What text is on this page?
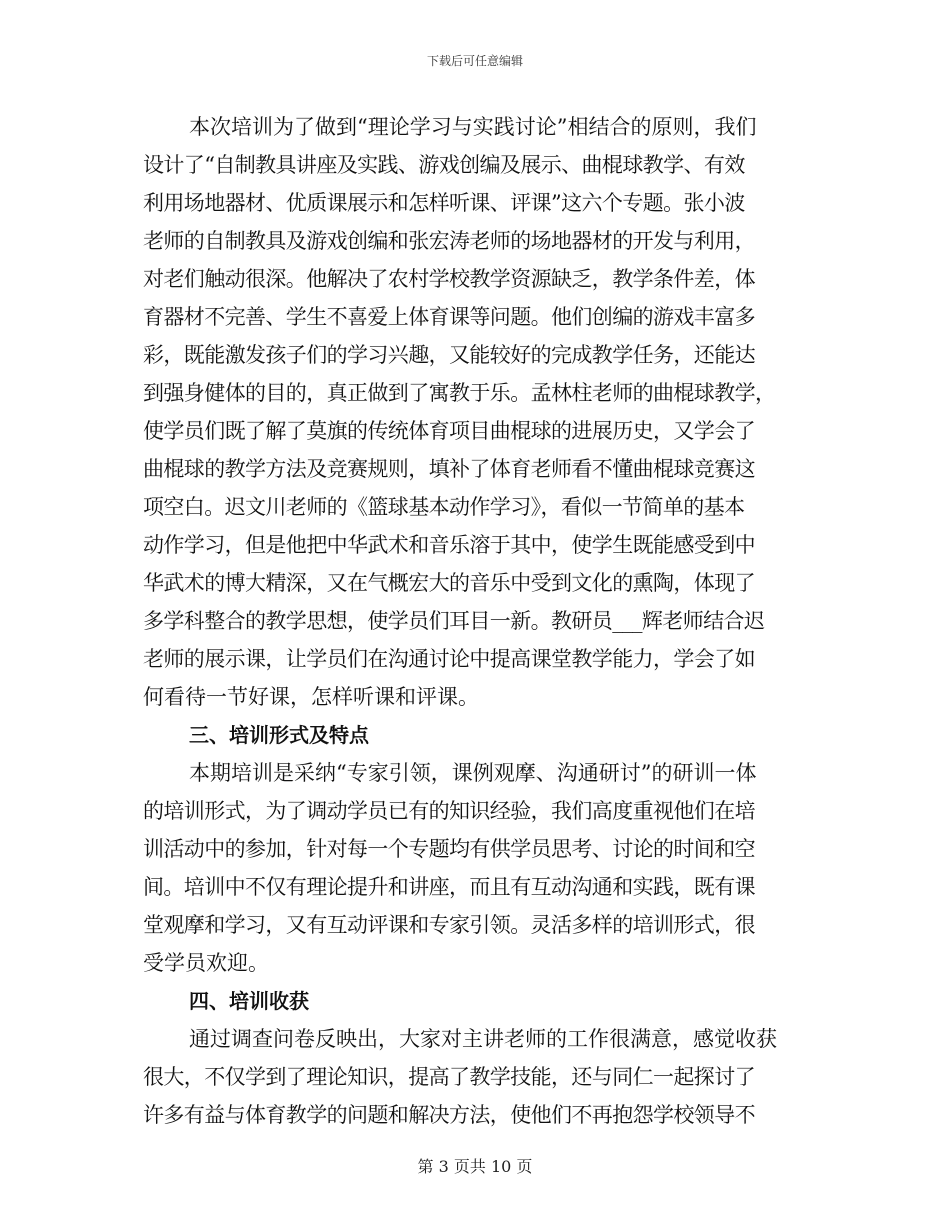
下载后可任意编辑
本次培训为了做到“理论学习与实践讨论”相结合的原则，我们
设计了“自制教具讲座及实践、游戏创编及展示、曲棍球教学、有效
利用场地器材、优质课展示和怎样听课、评课”这六个专题。张小波
老师的自制教具及游戏创编和张宏涛老师的场地器材的开发与利用，
对老们触动很深。他解决了农村学校教学资源缺乏，教学条件差，体
育器材不完善、学生不喜爱上体育课等问题。他们创编的游戏丰富多
彩，既能激发孩子们的学习兴趣，又能较好的完成教学任务，还能达
到强身健体的目的，真正做到了寓教于乐。孟林柱老师的曲棍球教学，
使学员们既了解了莫旗的传统体育项目曲棍球的进展历史，又学会了
曲棍球的教学方法及竞赛规则，填补了体育老师看不懂曲棍球竞赛这
项空白。迟文川老师的《篮球基本动作学习》，看似一节简单的基本
动作学习，但是他把中华武术和音乐溶于其中，使学生既能感受到中
华武术的博大精深，又在气概宏大的音乐中受到文化的熏陶，体现了
多学科整合的教学思想，使学员们耳目一新。教研员___辉老师结合迟
老师的展示课，让学员们在沟通讨论中提高课堂教学能力，学会了如
何看待一节好课，怎样听课和评课。
三、培训形式及特点
本期培训是采纳“专家引领，课例观摩、沟通研讨”的研训一体
的培训形式，为了调动学员已有的知识经验，我们高度重视他们在培
训活动中的参加，针对每一个专题均有供学员思考、讨论的时间和空
间。培训中不仅有理论提升和讲座，而且有互动沟通和实践，既有课
堂观摩和学习，又有互动评课和专家引领。灵活多样的培训形式，很
受学员欢迎。
四、培训收获
通过调查问卷反映出，大家对主讲老师的工作很满意，感觉收获
很大，不仅学到了理论知识，提高了教学技能，还与同仁一起探讨了
许多有益与体育教学的问题和解决方法，使他们不再抱怨学校领导不
第 3 页共 10 页
